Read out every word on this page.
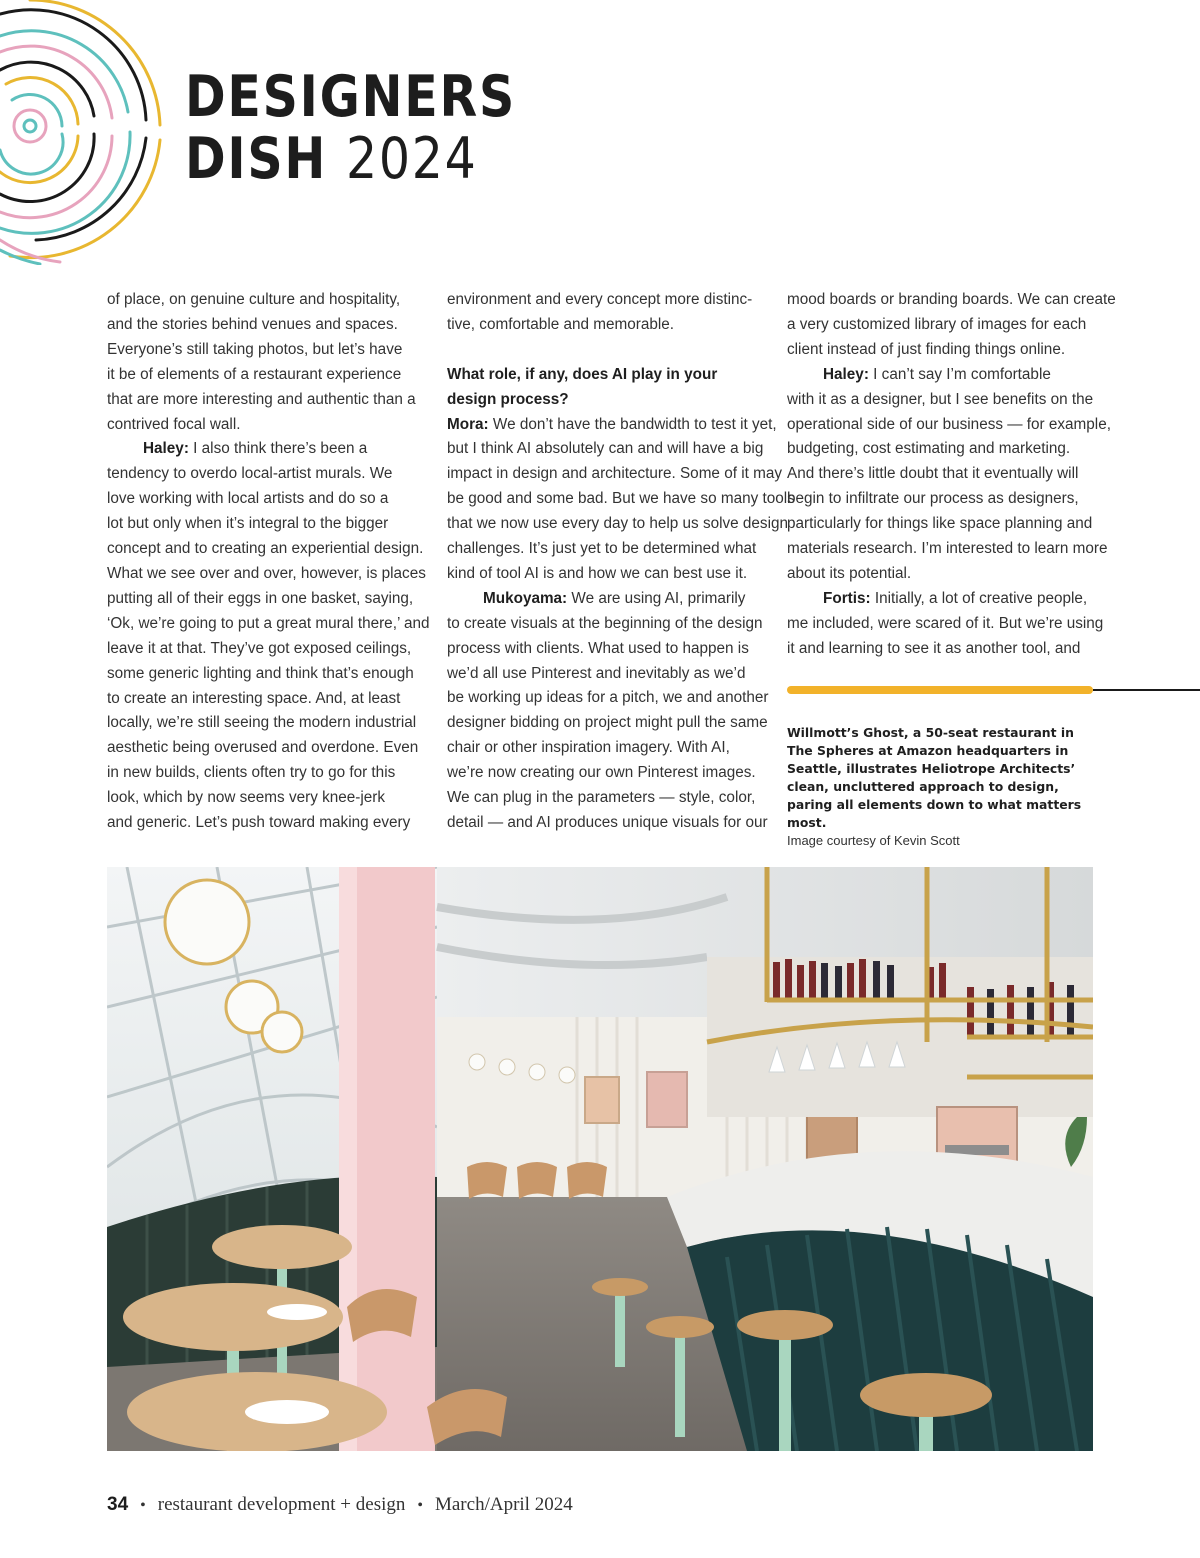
DESIGNERS
DISH 2024

of place, on genuine culture and hospitality,

and the stories behind venues and spaces.

Everyone’s still taking photos, but let’s have

it be of elements of a restaurant experience

that are more interesting and authentic than a

contrived focal wall.

Haley: I also think there’s been a

tendency to overdo local-artist murals. We

love working with local artists and do so a

lot but only when it’s integral to the bigger

concept and to creating an experiential design.

What we see over and over, however, is places

putting all of their eggs in one basket, saying,

‘Ok, we’re going to put a great mural there,’ and

leave it at that. They’ve got exposed ceilings,

some generic lighting and think that’s enough

to create an interesting space. And, at least

locally, we’re still seeing the modern industrial

aesthetic being overused and overdone. Even

in new builds, clients often try to go for this

look, which by now seems very knee-jerk

and generic. Let’s push toward making every

environment and every concept more distinc-

tive, comfortable and memorable.

What role, if any, does AI play in your

design process?

Mora: We don’t have the bandwidth to test it yet,

but I think AI absolutely can and will have a big

impact in design and architecture. Some of it may

be good and some bad. But we have so many tools

that we now use every day to help us solve design

challenges. It’s just yet to be determined what

kind of tool AI is and how we can best use it.

Mukoyama: We are using AI, primarily

to create visuals at the beginning of the design

process with clients. What used to happen is

we’d all use Pinterest and inevitably as we’d

be working up ideas for a pitch, we and another

designer bidding on project might pull the same

chair or other inspiration imagery. With AI,

we’re now creating our own Pinterest images.

We can plug in the parameters — style, color,

detail — and AI produces unique visuals for our

mood boards or branding boards. We can create

a very customized library of images for each

client instead of just finding things online.

Haley: I can’t say I’m comfortable

with it as a designer, but I see benefits on the

operational side of our business — for example,

budgeting, cost estimating and marketing.

And there’s little doubt that it eventually will

begin to infiltrate our process as designers,

particularly for things like space planning and

materials research. I’m interested to learn more

about its potential.

Fortis: Initially, a lot of creative people,

me included, were scared of it. But we’re using

it and learning to see it as another tool, and

Willmott’s Ghost, a 50-seat restaurant in The Spheres at Amazon headquarters in Seattle, illustrates Heliotrope Architects’ clean, uncluttered approach to design, paring all elements down to what matters most.
Image courtesy of Kevin Scott
34 • restaurant development + design • March/April 2024
